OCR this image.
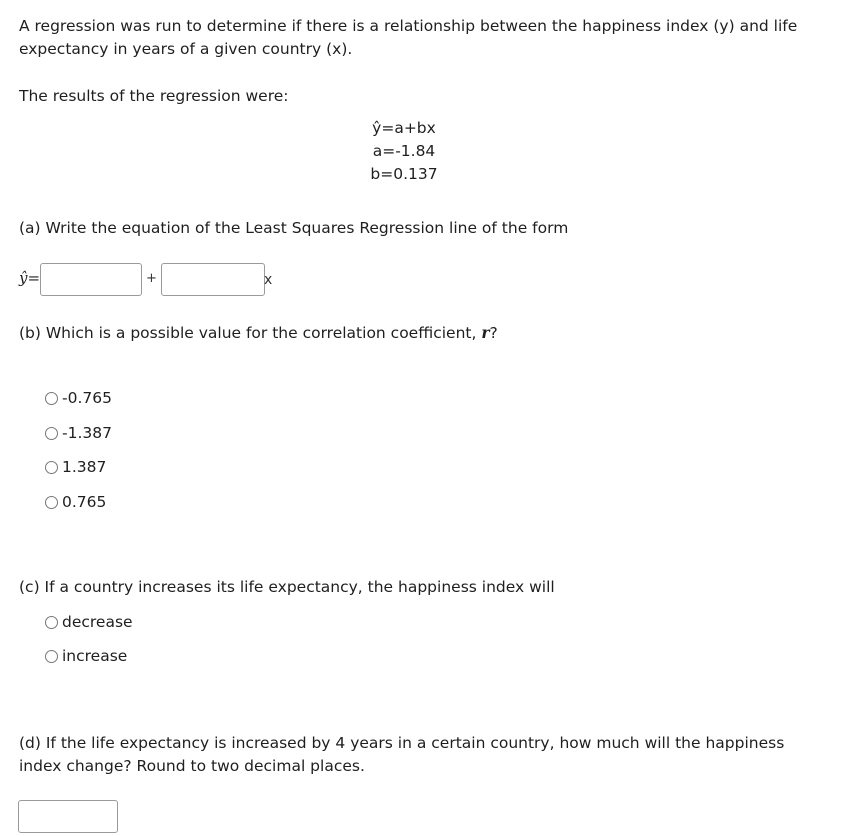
A regression was run to determine if there is a relationship between the happiness index (y) and life expectancy in years of a given country (x).
The results of the regression were:
ŷ=a+bx
a=-1.84
b=0.137
(a) Write the equation of the Least Squares Regression line of the form
ŷ=	+	x
(b) Which is a possible value for the correlation coefficient, r?
-0.765
-1.387
1.387
0.765
(c) If a country increases its life expectancy, the happiness index will
decrease
increase
(d) If the life expectancy is increased by 4 years in a certain country, how much will the happiness index change? Round to two decimal places.
